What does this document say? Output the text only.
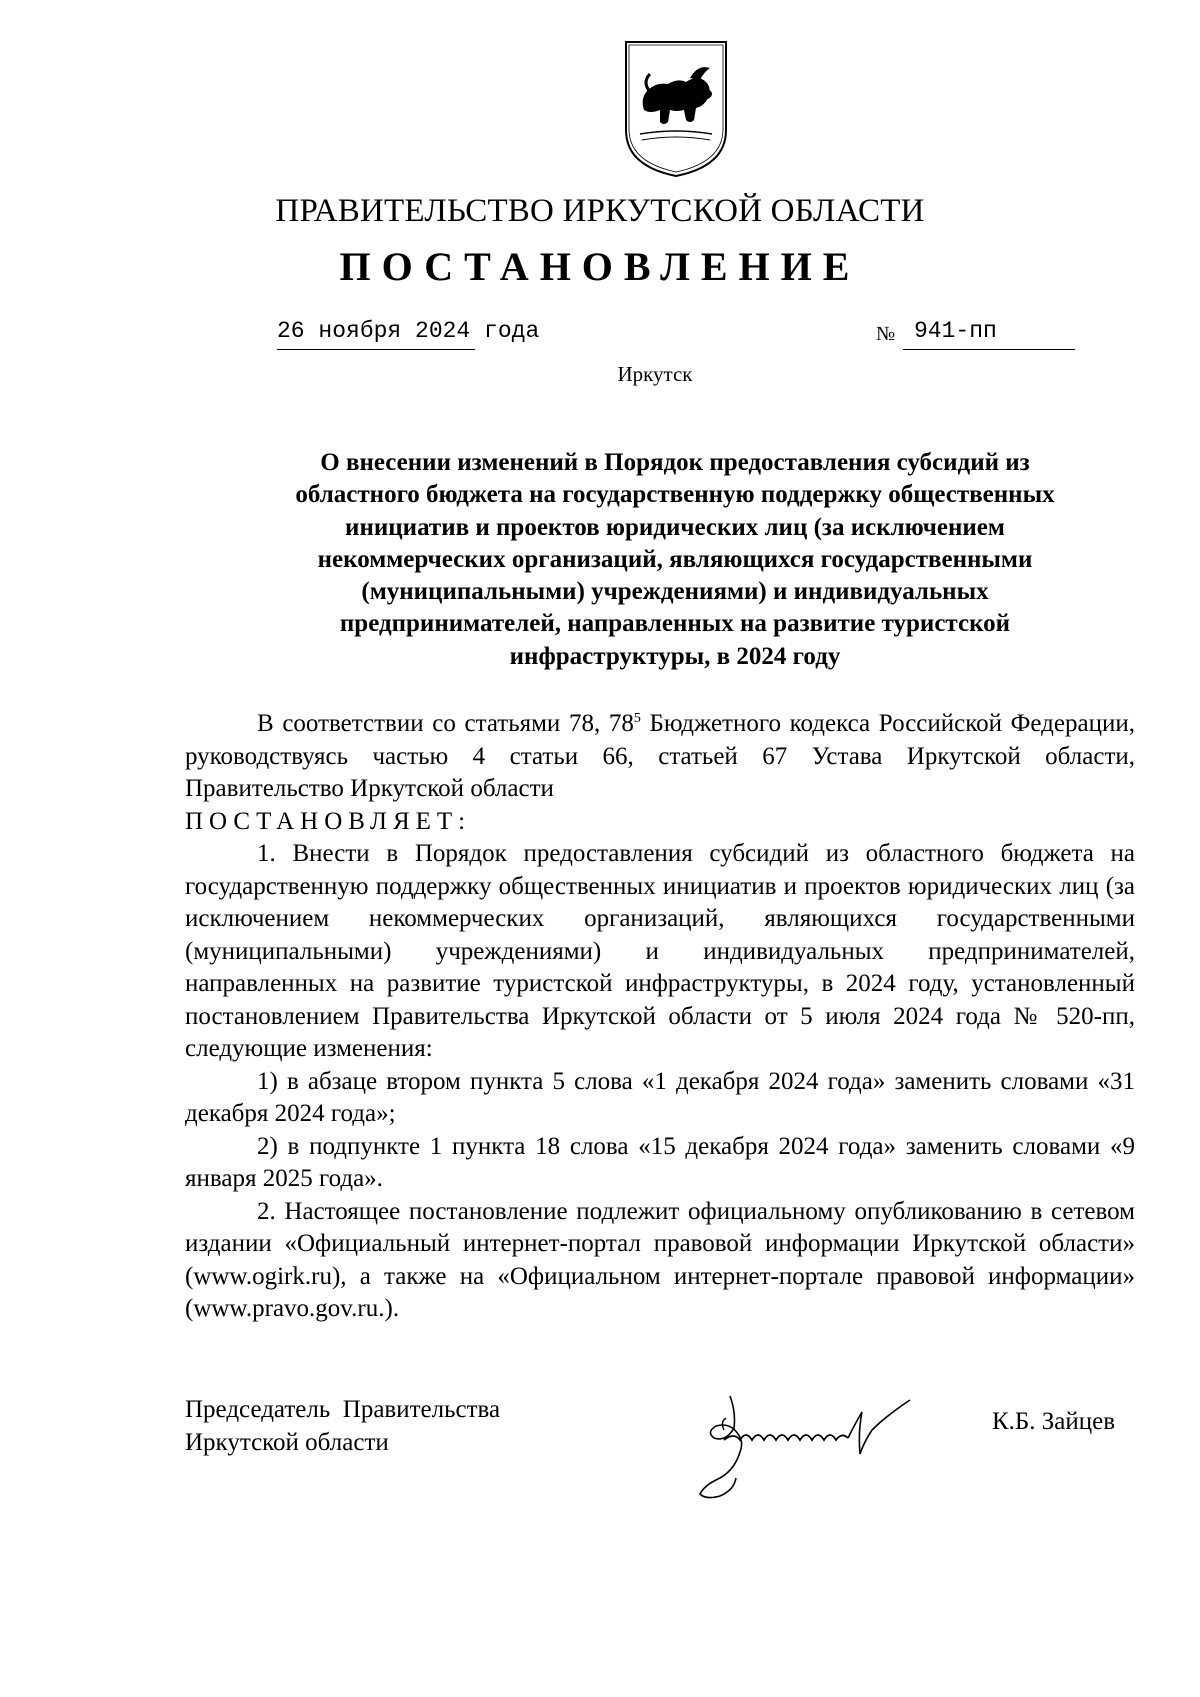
ПРАВИТЕЛЬСТВО ИРКУТСКОЙ ОБЛАСТИ
ПОСТАНОВЛЕНИЕ
26 ноября 2024 года	№ 941-пп
Иркутск
О внесении изменений в Порядок предоставления субсидий из
областного бюджета на государственную поддержку общественных
инициатив и проектов юридических лиц (за исключением
некоммерческих организаций, являющихся государственными
(муниципальными) учреждениями) и индивидуальных
предпринимателей, направленных на развитие туристской
инфраструктуры, в 2024 году

В соответствии со статьями 78, $78^5$ Бюджетного кодекса Российской Федерации, руководствуясь частью 4 статьи 66, статьей 67 Устава Иркутской области, Правительство Иркутской области

ПОСТАНОВЛЯЕТ:

1. Внести в Порядок предоставления субсидий из областного бюджета на государственную поддержку общественных инициатив и проектов юридических лиц (за исключением некоммерческих организаций, являющихся государственными (муниципальными) учреждениями) и индивидуальных предпринимателей, направленных на развитие туристской инфраструктуры, в 2024 году, установленный постановлением Правительства Иркутской области от 5 июля 2024 года № 520-пп, следующие изменения:

1) в абзаце втором пункта 5 слова «1 декабря 2024 года» заменить словами «31 декабря 2024 года»;

2) в подпункте 1 пункта 18 слова «15 декабря 2024 года» заменить словами «9 января 2025 года».

2. Настоящее постановление подлежит официальному опубликованию в сетевом издании «Официальный интернет-портал правовой информации Иркутской области» (www.ogirk.ru), а также на «Официальном интернет-портале правовой информации» (www.pravo.gov.ru.).

Председатель  Правительства
Иркутской области
К.Б. Зайцев
